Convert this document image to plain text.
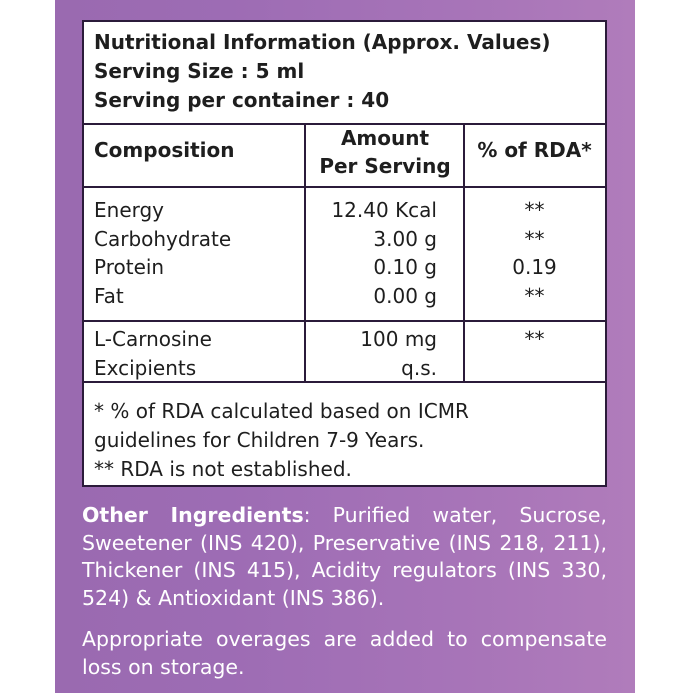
Nutritional Information (Approx. Values)
Serving Size : 5 ml
Serving per container : 40
Composition	Amount
Per Serving
% of RDA*
Energy
Carbohydrate
Protein
Fat
12.40 Kcal
3.00 g
0.10 g
0.00 g
**
**
0.19
**
L-Carnosine
Excipients
100 mg
q.s.
**
* % of RDA calculated based on ICMR
guidelines for Children 7-9 Years.
** RDA is not established.
Other Ingredients: Purified water, Sucrose, Sweetener (INS 420), Preservative (INS 218, 211), Thickener (INS 415), Acidity regulators (INS 330, 524) & Antioxidant (INS 386).
Appropriate overages are added to compensate loss on storage.
